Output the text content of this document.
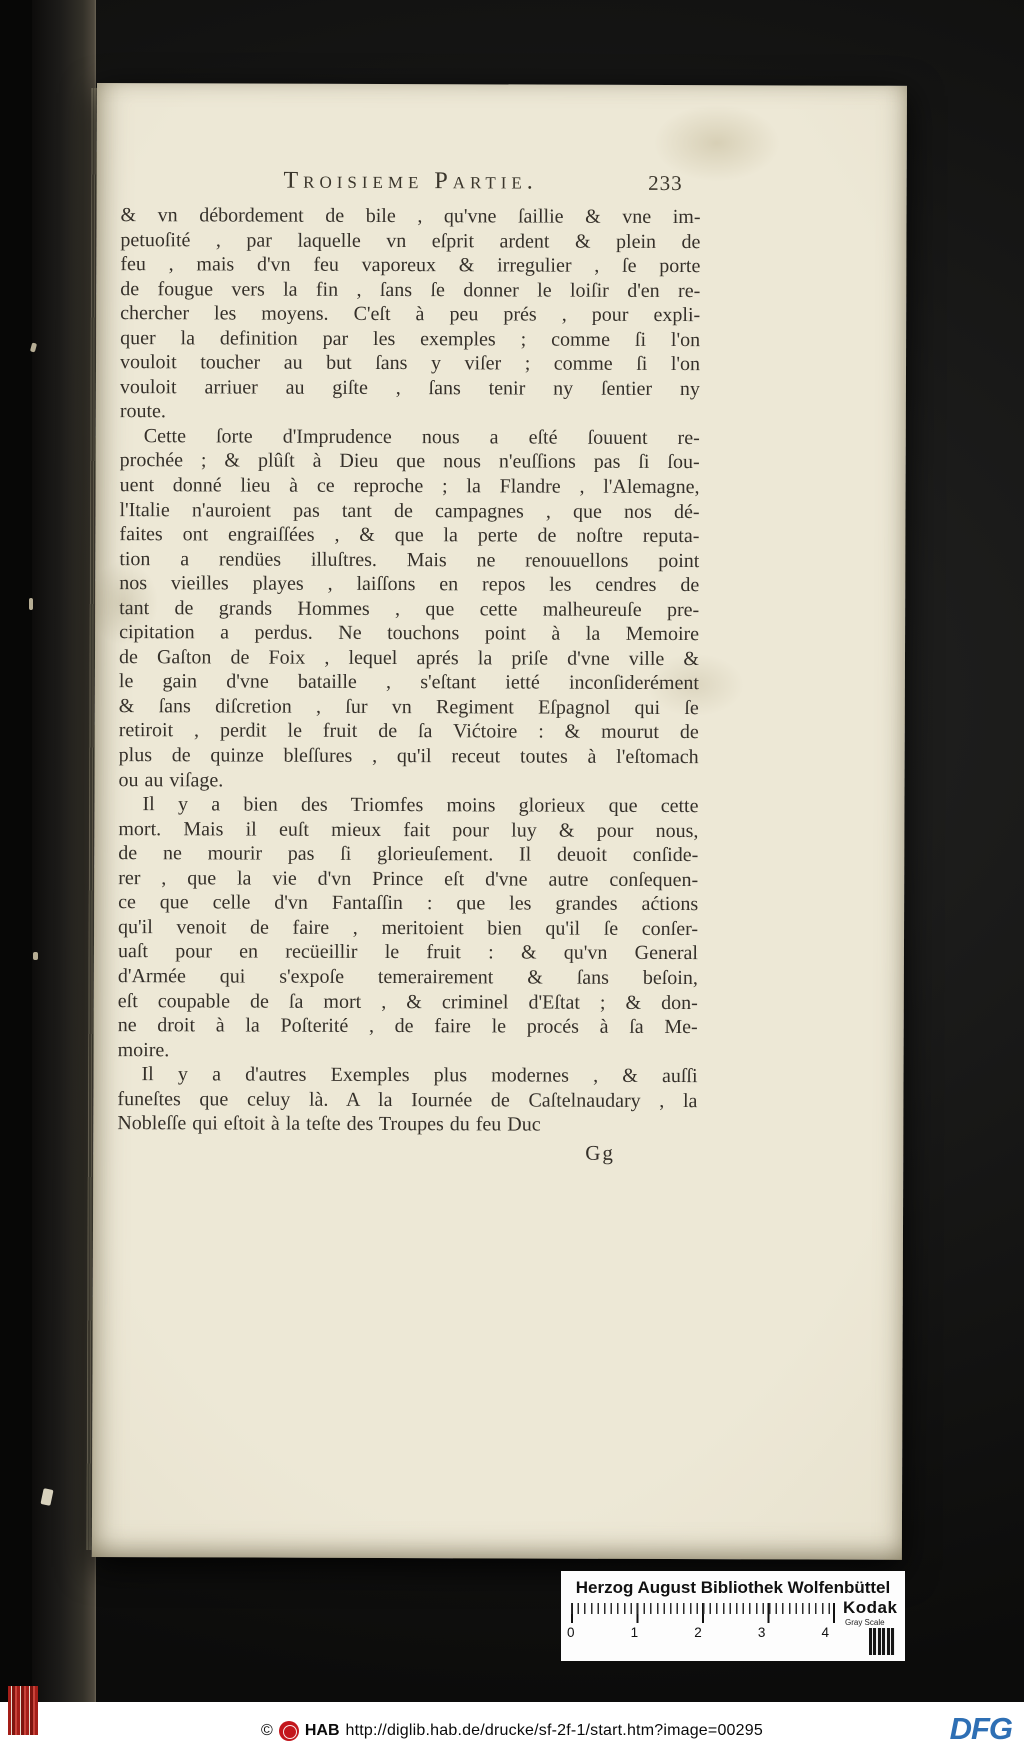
Troisieme Partie.	233
& vn débordement de bile , qu'vne ſaillie & vne im-
petuoſité , par laquelle vn eſprit ardent & plein de
feu , mais d'vn feu vaporeux & irregulier , ſe porte
de fougue vers la fin , ſans ſe donner le loiſir d'en re-
chercher les moyens. C'eſt à peu prés , pour expli-
quer la definition par les exemples ; comme ſi l'on
vouloit toucher au but ſans y viſer ; comme ſi l'on
vouloit arriuer au giſte , ſans tenir ny ſentier ny
route.
Cette ſorte d'Imprudence nous a eſté ſouuent re-
prochée ; & plûſt à Dieu que nous n'euſſions pas ſi ſou-
uent donné lieu à ce reproche ; la Flandre , l'Alemagne,
l'Italie n'auroient pas tant de campagnes , que nos dé-
faites ont engraiſſées , & que la perte de noſtre reputa-
tion a rendües illuſtres. Mais ne renouuellons point
nos vieilles playes , laiſſons en repos les cendres de
tant de grands Hommes , que cette malheureuſe pre-
cipitation a perdus. Ne touchons point à la Memoire
de Gaſton de Foix , lequel aprés la priſe d'vne ville &
le gain d'vne bataille , s'eſtant ietté inconſiderément
& ſans diſcretion , ſur vn Regiment Eſpagnol qui ſe
retiroit , perdit le fruit de ſa Vićtoire : & mourut de
plus de quinze bleſſures , qu'il receut toutes à l'eſtomach
ou au viſage.
Il y a bien des Triomfes moins glorieux que cette
mort. Mais il euſt mieux fait pour luy & pour nous,
de ne mourir pas ſi glorieuſement. Il deuoit conſide-
rer , que la vie d'vn Prince eſt d'vne autre conſequen-
ce que celle d'vn Fantaſſin : que les grandes aćtions
qu'il venoit de faire , meritoient bien qu'il ſe conſer-
uaſt pour en recüeillir le fruit : & qu'vn General
d'Armée qui s'expoſe temerairement & ſans beſoin,
eſt coupable de ſa mort , & criminel d'Eſtat ; & don-
ne droit à la Poſterité , de faire le procés à ſa Me-
moire.
Il y a d'autres Exemples plus modernes , & auſſi
funeſtes que celuy là. A la Iournée de Caſtelnaudary , la
Nobleſſe qui eſtoit à la teſte des Troupes du feu Duc
Gg
Herzog August Bibliothek Wolfenbüttel
0	1	2	3	4
Kodak
Gray Scale
© HAB http://diglib.hab.de/drucke/sf-2f-1/start.htm?image=00295	DFG
